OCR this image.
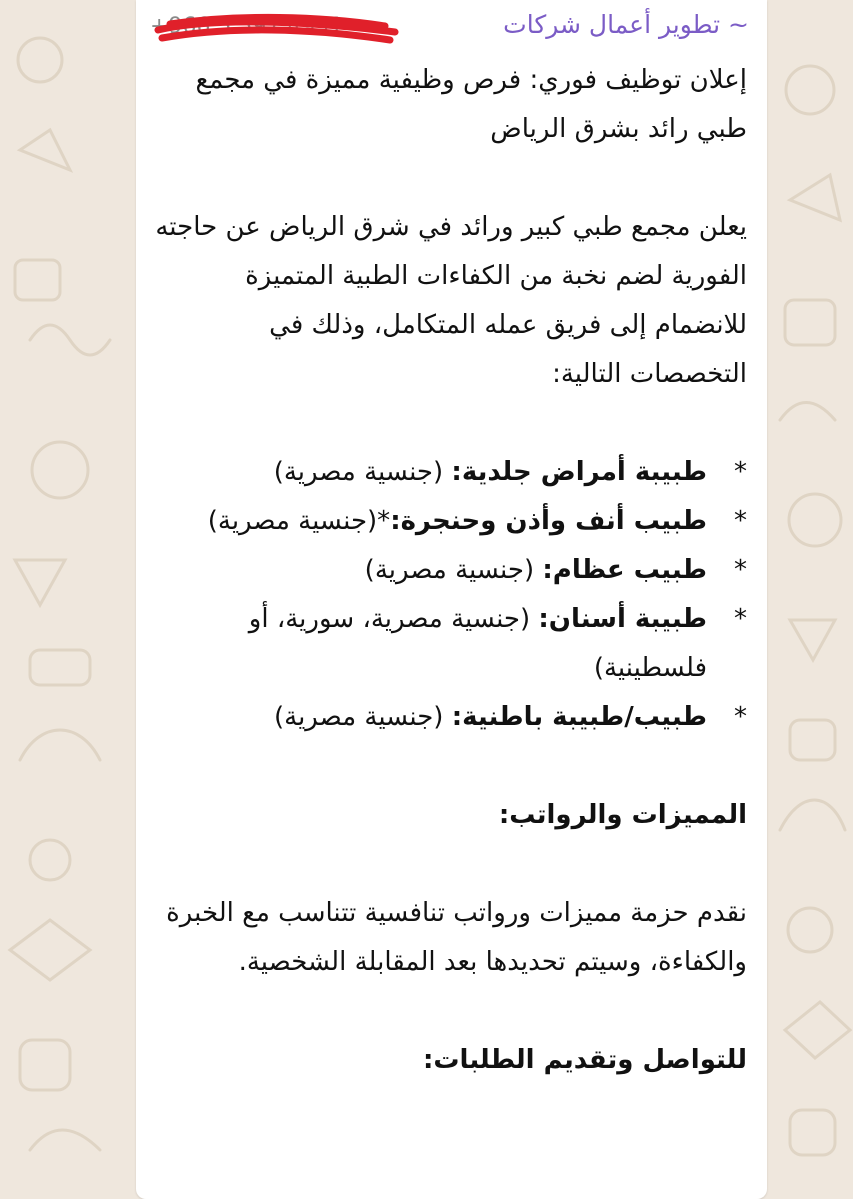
+966 5 597 4991	~ تطوير أعمال شركات

إعلان توظيف فوري: فرص وظيفية مميزة في مجمع طبي رائد بشرق الرياض

يعلن مجمع طبي كبير ورائد في شرق الرياض عن حاجته الفورية لضم نخبة من الكفاءات الطبية المتميزة للانضمام إلى فريق عمله المتكامل، وذلك في التخصصات التالية:

*
طبيبة أمراض جلدية: (جنسية مصرية)

*
طبيب أنف وأذن وحنجرة:*(جنسية مصرية)

*
طبيب عظام: (جنسية مصرية)

*
طبيبة أسنان: (جنسية مصرية، سورية، أو فلسطينية)

*
طبيب/طبيبة باطنية: (جنسية مصرية)

المميزات والرواتب:

نقدم حزمة مميزات ورواتب تنافسية تتناسب مع الخبرة والكفاءة، وسيتم تحديدها بعد المقابلة الشخصية.

للتواصل وتقديم الطلبات:
